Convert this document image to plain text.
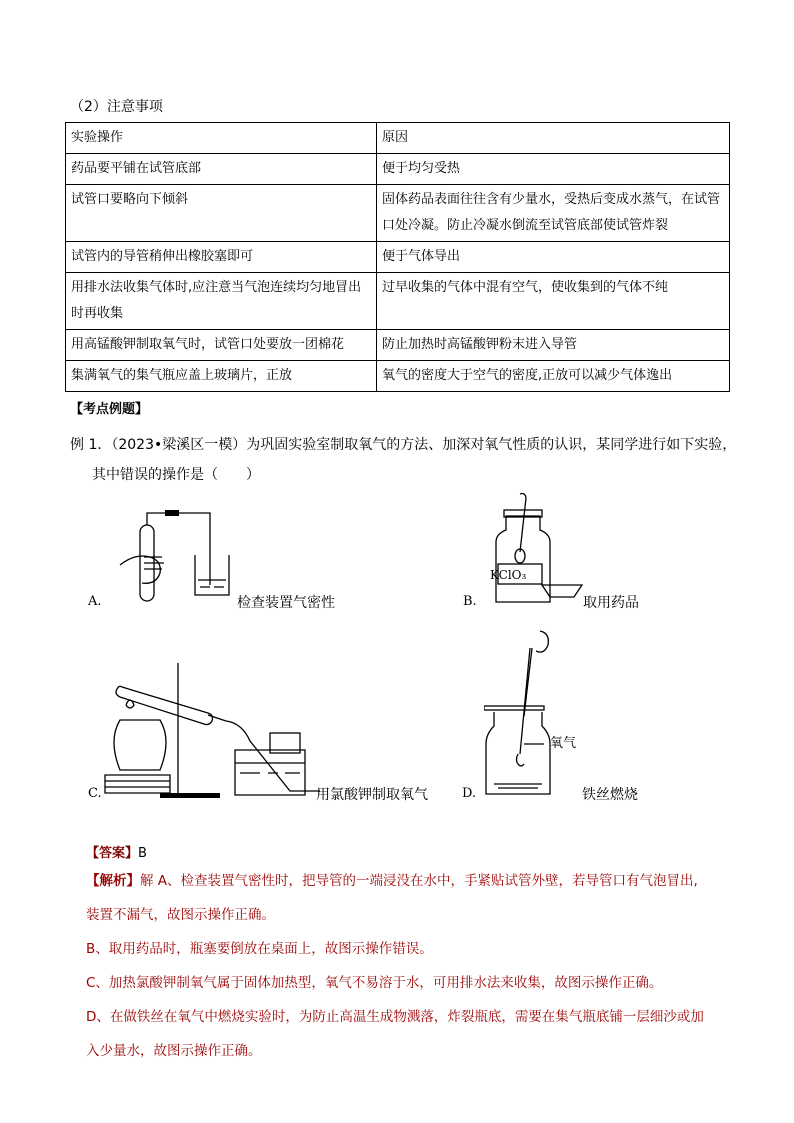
（2）注意事项
实验操作	原因
药品要平铺在试管底部	便于均匀受热
试管口要略向下倾斜	固体药品表面往往含有少量水，受热后变成水蒸气，在试管口处冷凝。防止冷凝水倒流至试管底部使试管炸裂
试管内的导管稍伸出橡胶塞即可	便于气体导出
用排水法收集气体时,应注意当气泡连续均匀地冒出时再收集	过早收集的气体中混有空气，使收集到的气体不纯
用高锰酸钾制取氧气时，试管口处要放一团棉花	防止加热时高锰酸钾粉末进入导管
集满氧气的集气瓶应盖上玻璃片，正放	氧气的密度大于空气的密度,正放可以减少气体逸出
【考点例题】
例 1．（2023•梁溪区一模）为巩固实验室制取氧气的方法、加深对氧气性质的认识，某同学进行如下实验，
其中错误的操作是（　　）
A.	检查装置气密性	B.
KClO₃
取用药品
C.	用氯酸钾制取氧气	D.
氧气
铁丝燃烧
【答案】B
【解析】解 A、检查装置气密性时，把导管的一端浸没在水中，手紧贴试管外壁，若导管口有气泡冒出,
装置不漏气，故图示操作正确。
B、取用药品时，瓶塞要倒放在桌面上，故图示操作错误。
C、加热氯酸钾制氧气属于固体加热型，氧气不易溶于水，可用排水法来收集，故图示操作正确。
D、在做铁丝在氧气中燃烧实验时，为防止高温生成物溅落，炸裂瓶底，需要在集气瓶底铺一层细沙或加
入少量水，故图示操作正确。
